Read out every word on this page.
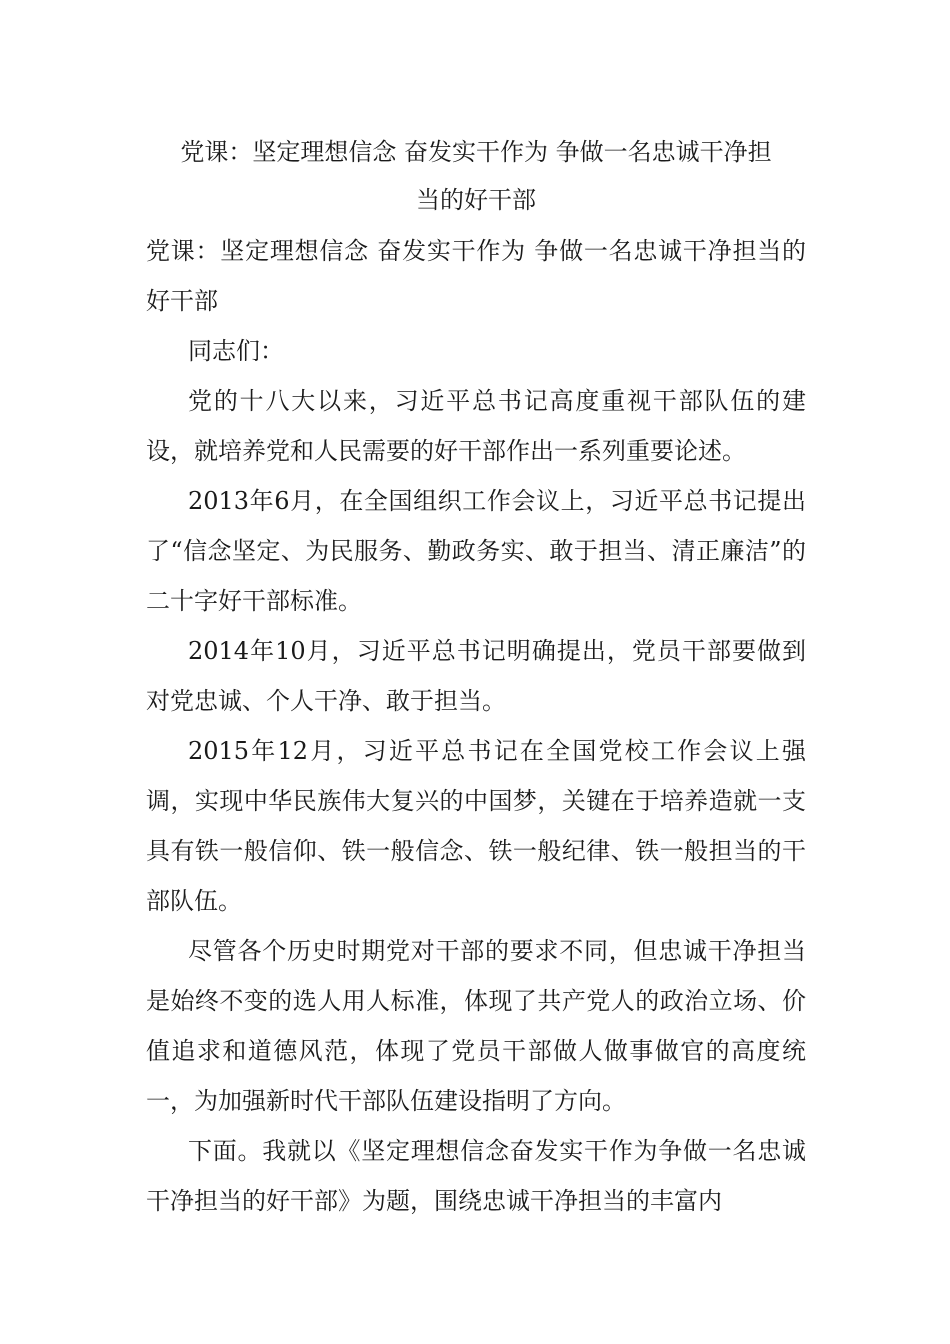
党课：坚定理想信念 奋发实干作为 争做一名忠诚干净担
当的好干部

党课：坚定理想信念 奋发实干作为 争做一名忠诚干净担当的好干部

同志们：

党的十八大以来，习近平总书记高度重视干部队伍的建设，就培养党和人民需要的好干部作出一系列重要论述。

2013年6月，在全国组织工作会议上，习近平总书记提出了“信念坚定、为民服务、勤政务实、敢于担当、清正廉洁”的二十字好干部标准。

2014年10月，习近平总书记明确提出，党员干部要做到对党忠诚、个人干净、敢于担当。

2015年12月，习近平总书记在全国党校工作会议上强调，实现中华民族伟大复兴的中国梦，关键在于培养造就一支具有铁一般信仰、铁一般信念、铁一般纪律、铁一般担当的干部队伍。

尽管各个历史时期党对干部的要求不同，但忠诚干净担当是始终不变的选人用人标准，体现了共产党人的政治立场、价值追求和道德风范，体现了党员干部做人做事做官的高度统一，为加强新时代干部队伍建设指明了方向。

下面。我就以《坚定理想信念奋发实干作为争做一名忠诚干净担当的好干部》为题，围绕忠诚干净担当的丰富内
